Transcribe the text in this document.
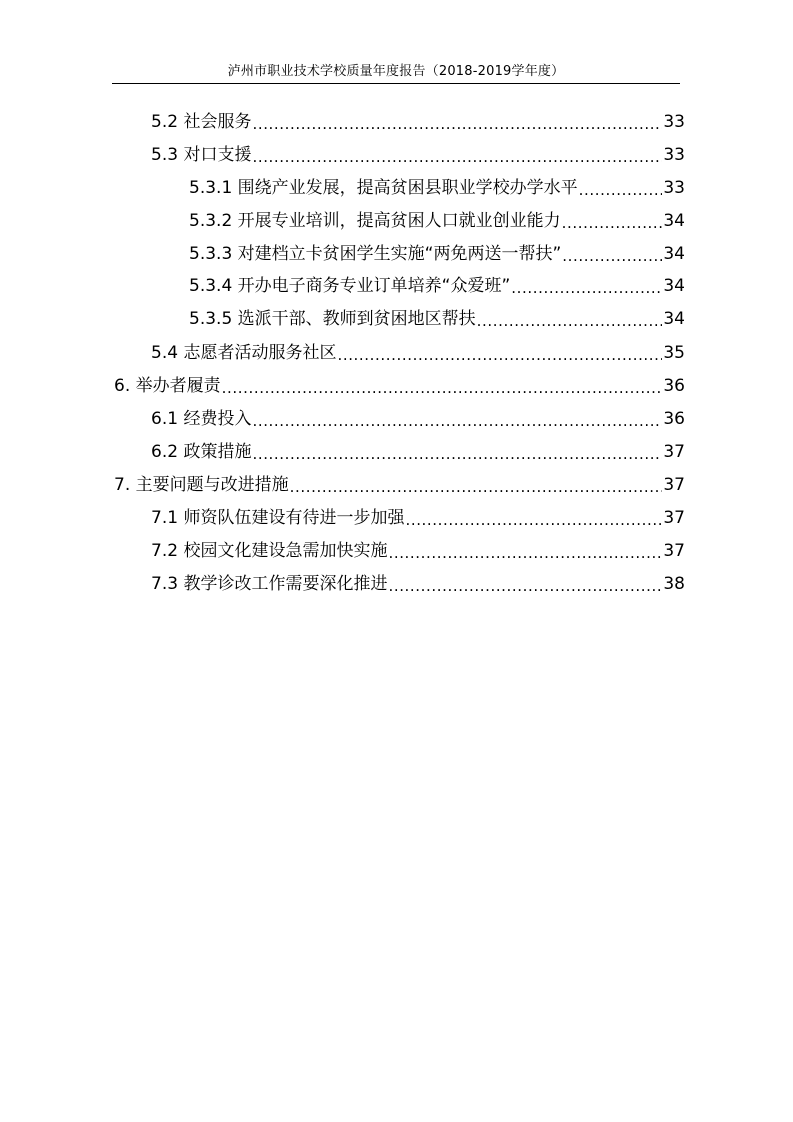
泸州市职业技术学校质量年度报告（2018-2019学年度）
5.2 社会服务 .....	33
5.3 对口支援 .....	33
5.3.1 围绕产业发展，提高贫困县职业学校办学水平 .....	33
5.3.2 开展专业培训，提高贫困人口就业创业能力 .....	34
5.3.3 对建档立卡贫困学生实施“两免两送一帮扶” .....	34
5.3.4 开办电子商务专业订单培养“众爱班” .....	34
5.3.5 选派干部、教师到贫困地区帮扶 .....	34
5.4 志愿者活动服务社区 .....	35
6. 举办者履责 .....	36
6.1 经费投入 .....	36
6.2 政策措施 .....	37
7. 主要问题与改进措施 .....	37
7.1 师资队伍建设有待进一步加强 .....	37
7.2 校园文化建设急需加快实施 .....	37
7.3 教学诊改工作需要深化推进 .....	38
